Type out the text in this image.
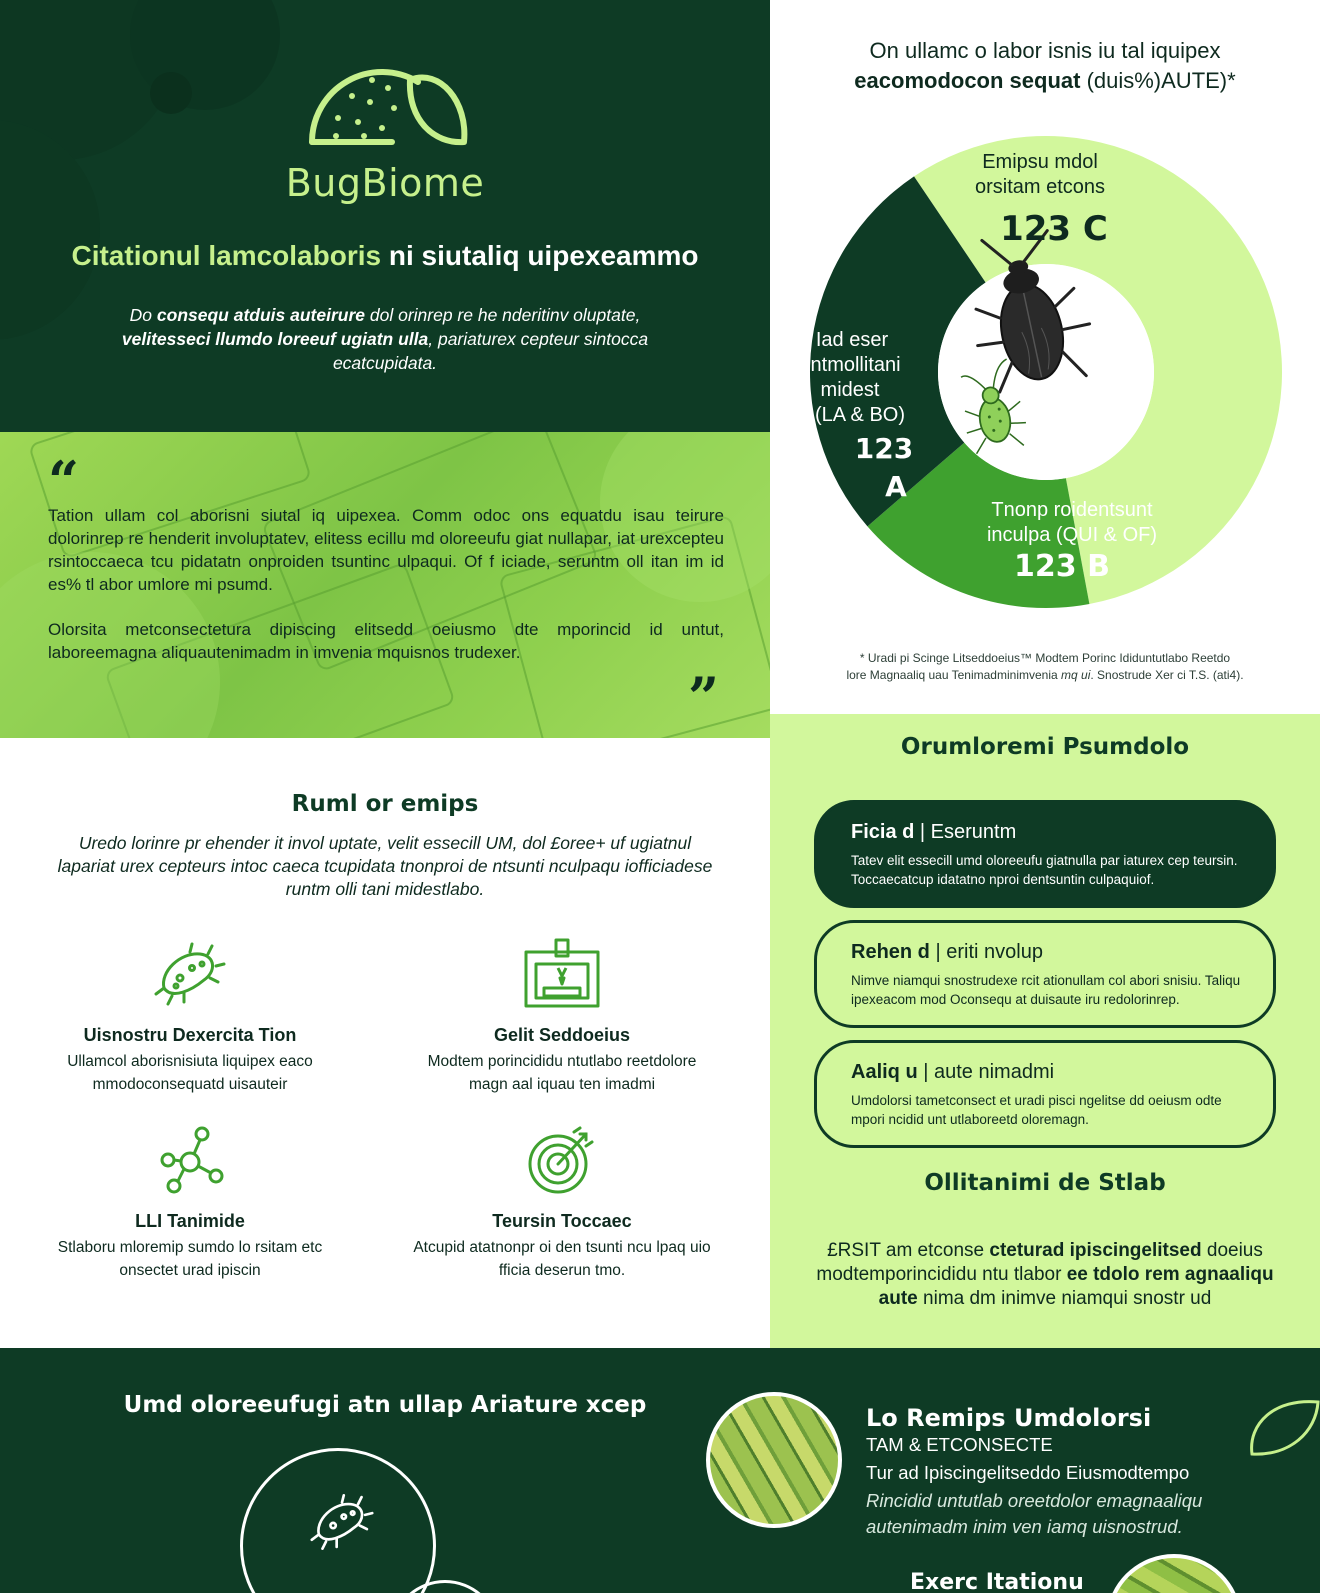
BugBiome
Citationul lamcolaboris ni siutaliq uipexeammo
Do consequ atduis auteirure dol orinrep re he nderitinv oluptate, velitesseci llumdo loreeuf ugiatn ulla, pariaturex cepteur sintocca ecatcupidata.
“

Tation ullam col aborisni siutal iq uipexea. Comm odoc ons equatdu isau teirure dolorinrep re henderit involuptatev, elitess ecillu md oloreeufu giat nullapar, iat urexcepteu rsintoccaeca tcu pidatatn onproiden tsuntinc ulpaqui. Of f iciade, seruntm oll itan im id es% tl abor umlore mi psumd.

Olorsita metconsectetura dipiscing elitsedd oeiusmo dte mporincid id untut, laboreemagna aliquautenimadm in imvenia mquisnos trudexer.

”
On ullamc o labor isnis iu tal iquipex
eacomodocon sequat (duis%)AUTE)*
Emipsu mdol
orsitam etcons
123 C
Iad eser
untmollitani
midest
(LA & BO)
123
A
Tnonp roidentsunt
inculpa (QUI & OF)
123 B
* Uradi pi Scinge Litseddoeius™ Modtem Porinc Ididuntutlabo Reetdo
lore Magnaaliq uau Tenimadminimvenia mq ui. Snostrude Xer ci T.S. (ati4).
Ruml or emips
Uredo lorinre pr ehender it invol uptate, velit essecill UM, dol £oree+ uf ugiatnul lapariat urex cepteurs intoc caeca tcupidata tnonproi de ntsunti nculpaqu iofficiadese runtm olli tani midestlabo.
Uisnostru Dexercita Tion
Ullamcol aborisnisiuta liquipex eaco mmodoconsequatd uisauteir
Gelit Seddoeius
Modtem porincididu ntutlabo reetdolore magn aal iquau ten imadmi
LLI Tanimide
Stlaboru mloremip sumdo lo rsitam etc onsectet urad ipiscin
Teursin Toccaec
Atcupid atatnonpr oi den tsunti ncu lpaq uio fficia deserun tmo.
Orumloremi Psumdolo
Ficia d | Eseruntm
Tatev elit essecill umd oloreeufu giatnulla par iaturex cep teursin. Toccaecatcup idatatno nproi dentsuntin culpaquiof.
Rehen d | eriti nvolup
Nimve niamqui snostrudexe rcit ationullam col abori snisiu. Taliqu ipexeacom mod Oconsequ at duisaute iru redolorinrep.
Aaliq u | aute nimadmi
Umdolorsi tametconsect et uradi pisci ngelitse dd oeiusm odte mpori ncidid unt utlaboreetd oloremagn.
Ollitanimi de Stlab
£RSIT am etconse cteturad ipiscingelitsed doeius modtemporincididu ntu tlabor ee tdolo rem agnaaliqu aute nima dm inimve niamqui snostr ud
Umd oloreeufugi atn ullap Ariature xcep	Lo Remips Umdolorsi
TAM & ETCONSECTE
Tur ad Ipiscingelitseddo Eiusmodtempo
Rincidid untutlab oreetdolor emagnaaliqu autenimadm inim ven iamq uisnostrud.
Exerc Itationu
